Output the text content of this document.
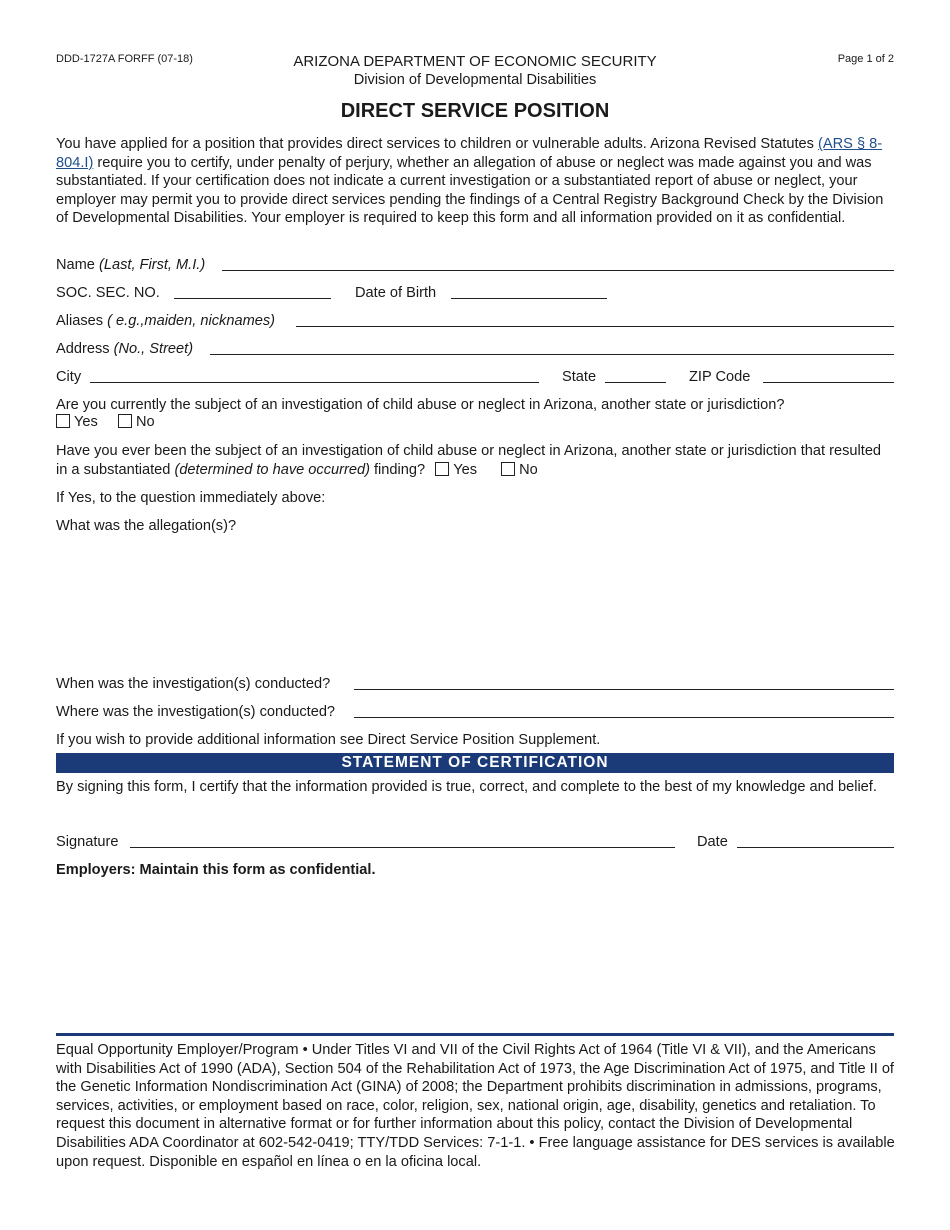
DDD-1727A FORFF (07-18)	ARIZONA DEPARTMENT OF ECONOMIC SECURITY
Division of Developmental Disabilities
Page 1 of 2
DIRECT SERVICE POSITION
You have applied for a position that provides direct services to children or vulnerable adults. Arizona Revised Statutes (ARS § 8-804.I) require you to certify, under penalty of perjury, whether an allegation of abuse or neglect was made against you and was substantiated. If your certification does not indicate a current investigation or a substantiated report of abuse or neglect, your employer may permit you to provide direct services pending the findings of a Central Registry Background Check by the Division of Developmental Disabilities. Your employer is required to keep this form and all information provided on it as confidential.
Name (Last, First, M.I.)
SOC. SEC. NO.	Date of Birth
Aliases ( e.g.,maiden, nicknames)
Address (No., Street)
City	State	ZIP Code
Are you currently the subject of an investigation of child abuse or neglect in Arizona, another state or jurisdiction?
Yes	No
Have you ever been the subject of an investigation of child abuse or neglect in Arizona, another state or jurisdiction that resulted in a substantiated (determined to have occurred) finding? Yes	No
If Yes, to the question immediately above:
What was the allegation(s)?
When was the investigation(s) conducted?
Where was the investigation(s) conducted?
If you wish to provide additional information see Direct Service Position Supplement.
STATEMENT OF CERTIFICATION
By signing this form, I certify that the information provided is true, correct, and complete to the best of my knowledge and belief.
Signature	Date
Employers: Maintain this form as confidential.
Equal Opportunity Employer/Program • Under Titles VI and VII of the Civil Rights Act of 1964 (Title VI & VII), and the Americans with Disabilities Act of 1990 (ADA), Section 504 of the Rehabilitation Act of 1973, the Age Discrimination Act of 1975, and Title II of the Genetic Information Nondiscrimination Act (GINA) of 2008; the Department prohibits discrimination in admissions, programs, services, activities, or employment based on race, color, religion, sex, national origin, age, disability, genetics and retaliation. To request this document in alternative format or for further information about this policy, contact the Division of Developmental Disabilities ADA Coordinator at 602-542-0419; TTY/TDD Services: 7-1-1. • Free language assistance for DES services is available upon request. Disponible en español en línea o en la oficina local.
